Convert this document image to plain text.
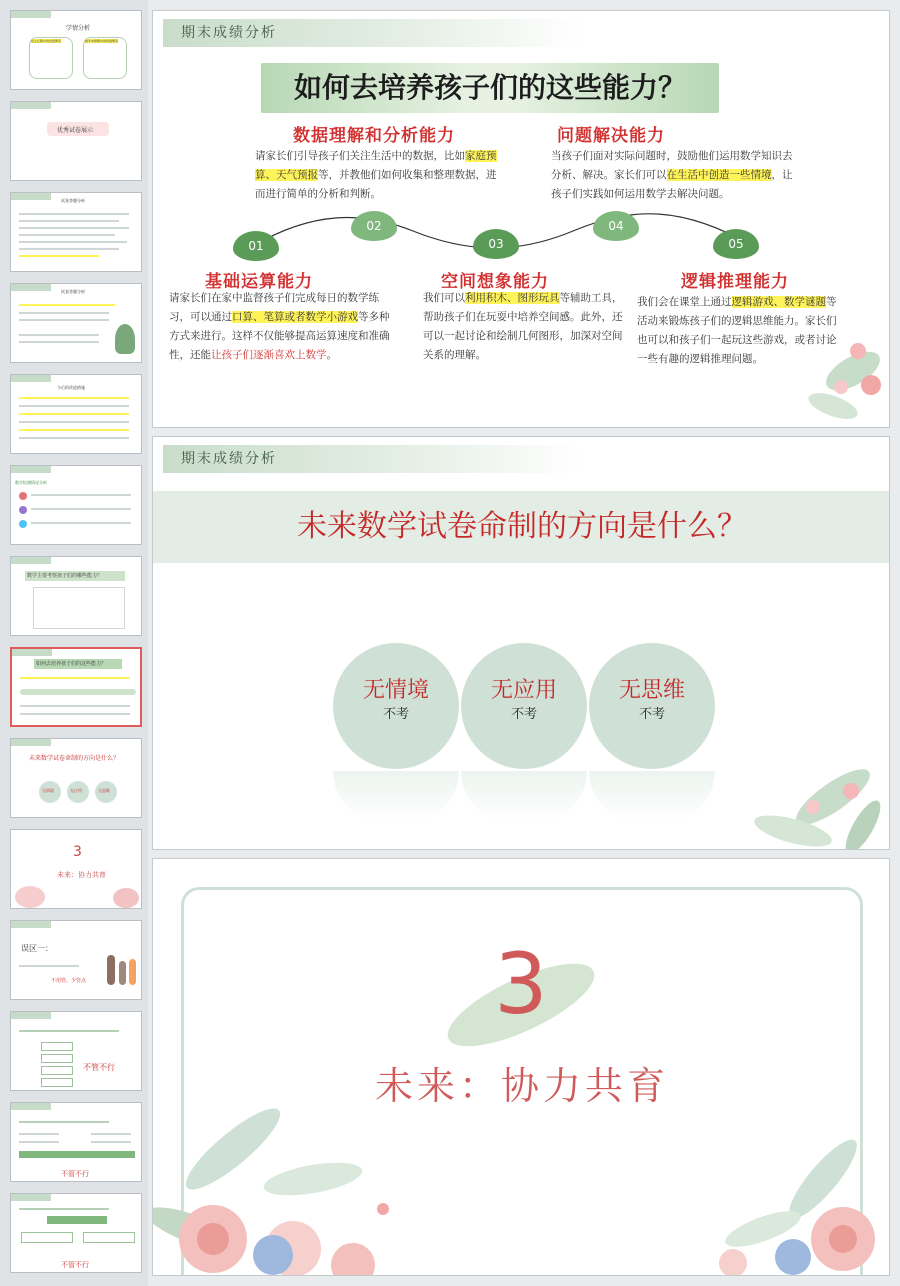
学情分析
班主任眼中的班级情况	数学老师眼中的班级情况
优秀试卷展示
试卷答题分析
试卷答题分析
今后的改进措施
数学检测情况分析
数学主要考察孩子们的哪些能力？
如何去培养孩子们的这些能力？
未来数学试卷命制的方向是什么？
无情境	无应用	无思维
3
未来：协力共育
误区一：
不用管、少管点
不管不行
不管不行
不管不行
期末成绩分析
如何去培养孩子们的这些能力？
01
02
03
04
05
数据理解和分析能力
请家长们引导孩子们关注生活中的数据，比如家庭预算、天气预报等，并教他们如何收集和整理数据，进而进行简单的分析和判断。
问题解决能力
当孩子们面对实际问题时，鼓励他们运用数学知识去分析、解决。家长们可以在生活中创造一些情境，让孩子们实践如何运用数学去解决问题。
基础运算能力
请家长们在家中监督孩子们完成每日的数学练习，可以通过口算、笔算或者数学小游戏等多种方式来进行。这样不仅能够提高运算速度和准确性，还能让孩子们逐渐喜欢上数学。
空间想象能力
我们可以利用积木、图形玩具等辅助工具，帮助孩子们在玩耍中培养空间感。此外，还可以一起讨论和绘制几何图形，加深对空间关系的理解。
逻辑推理能力
我们会在课堂上通过逻辑游戏、数学谜题等活动来锻炼孩子们的逻辑思维能力。家长们也可以和孩子们一起玩这些游戏，或者讨论一些有趣的逻辑推理问题。
期末成绩分析
未来数学试卷命制的方向是什么？
无情境
不考
无应用
不考
无思维
不考
3
未来：协力共育
